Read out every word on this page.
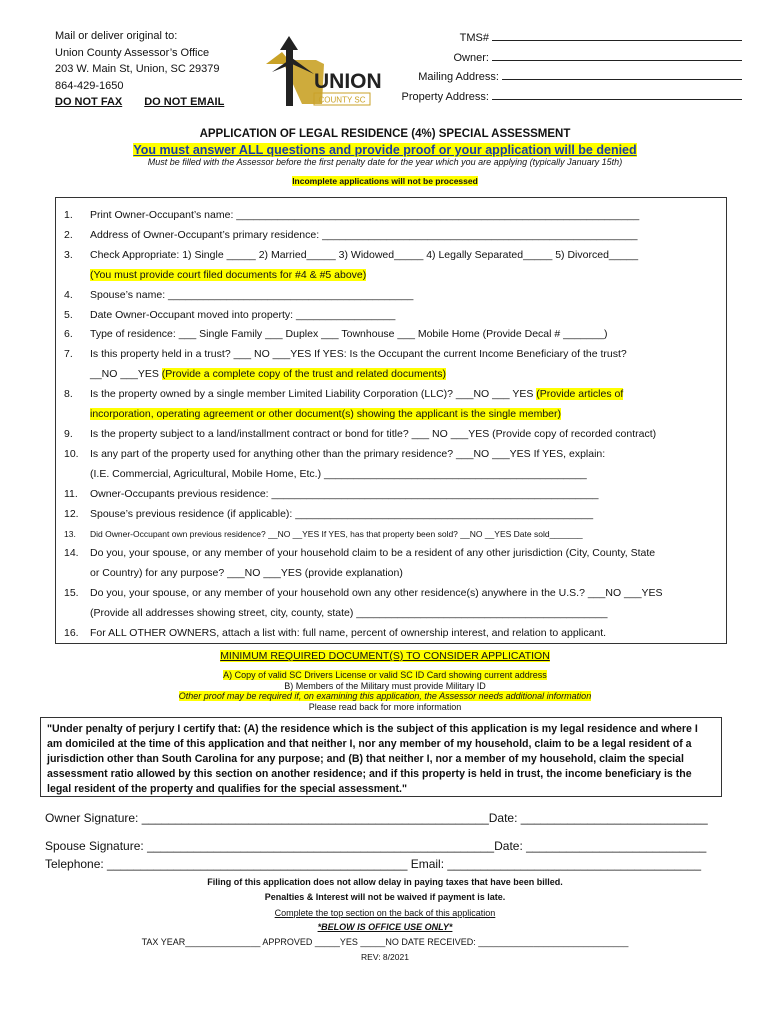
Mail or deliver original to:
Union County Assessor’s Office
203 W. Main St, Union, SC 29379
864-429-1650
DO NOT FAX DO NOT EMAIL
UNION
COUNTY SC
TMS#
Owner:
Mailing Address:
Property Address:
APPLICATION OF LEGAL RESIDENCE (4%) SPECIAL ASSESSMENT
You must answer ALL questions and provide proof or your application will be denied
Must be filled with the Assessor before the first penalty date for the year which you are applying (typically January 15th)
Incomplete applications will not be processed
1. Print Owner-Occupant’s name: _____________________________________________________________________
2. Address of Owner-Occupant’s primary residence: ______________________________________________________
3. Check Appropriate: 1) Single _____ 2) Married_____ 3) Widowed_____ 4) Legally Separated_____ 5) Divorced_____
(You must provide court filed documents for #4 & #5 above)
4. Spouse’s name: __________________________________________
5. Date Owner-Occupant moved into property: _________________
6. Type of residence: ___ Single Family ___ Duplex ___ Townhouse ___ Mobile Home (Provide Decal # _______)
7. Is this property held in a trust? ___ NO ___YES If YES: Is the Occupant the current Income Beneficiary of the trust?
__NO ___YES (Provide a complete copy of the trust and related documents)
8. Is the property owned by a single member Limited Liability Corporation (LLC)? ___NO ___ YES (Provide articles of
incorporation, operating agreement or other document(s) showing the applicant is the single member)
9. Is the property subject to a land/installment contract or bond for title? ___ NO ___YES (Provide copy of recorded contract)
10. Is any part of the property used for anything other than the primary residence? ___NO ___YES If YES, explain:
(I.E. Commercial, Agricultural, Mobile Home, Etc.) _____________________________________________
11. Owner-Occupants previous residence: ________________________________________________________
12. Spouse’s previous residence (if applicable): ___________________________________________________
13. Did Owner-Occupant own previous residence? __NO __YES If YES, has that property been sold? __NO __YES Date sold_______
14. Do you, your spouse, or any member of your household claim to be a resident of any other jurisdiction (City, County, State
or Country) for any purpose? ___NO ___YES (provide explanation)
15. Do you, your spouse, or any member of your household own any other residence(s) anywhere in the U.S.? ___NO ___YES
(Provide all addresses showing street, city, county, state) ___________________________________________
16. For ALL OTHER OWNERS, attach a list with: full name, percent of ownership interest, and relation to applicant.
MINIMUM REQUIRED DOCUMENT(S) TO CONSIDER APPLICATION
A) Copy of valid SC Drivers License or valid SC ID Card showing current address
B) Members of the Military must provide Military ID
Other proof may be required if, on examining this application, the Assessor needs additional information
Please read back for more information
"Under penalty of perjury I certify that: (A) the residence which is the subject of this application is my legal residence and where I am domiciled at the time of this application and that neither I, nor any member of my household, claim to be a legal resident of a jurisdiction other than South Carolina for any purpose; and (B) that neither I, nor a member of my household, claim the special assessment ratio allowed by this section on another residence; and if this property is held in trust, the income beneficiary is the legal resident of the property and qualifies for the special assessment."
Owner Signature: ____________________________________________________Date: ____________________________
Spouse Signature: ____________________________________________________Date: ___________________________
Telephone: _____________________________________________ Email: ______________________________________
Filing of this application does not allow delay in paying taxes that have been billed.
Penalties & Interest will not be waived if payment is late.
Complete the top section on the back of this application
*BELOW IS OFFICE USE ONLY*
TAX YEAR_______________ APPROVED _____YES _____NO DATE RECEIVED: ______________________________
REV: 8/2021
